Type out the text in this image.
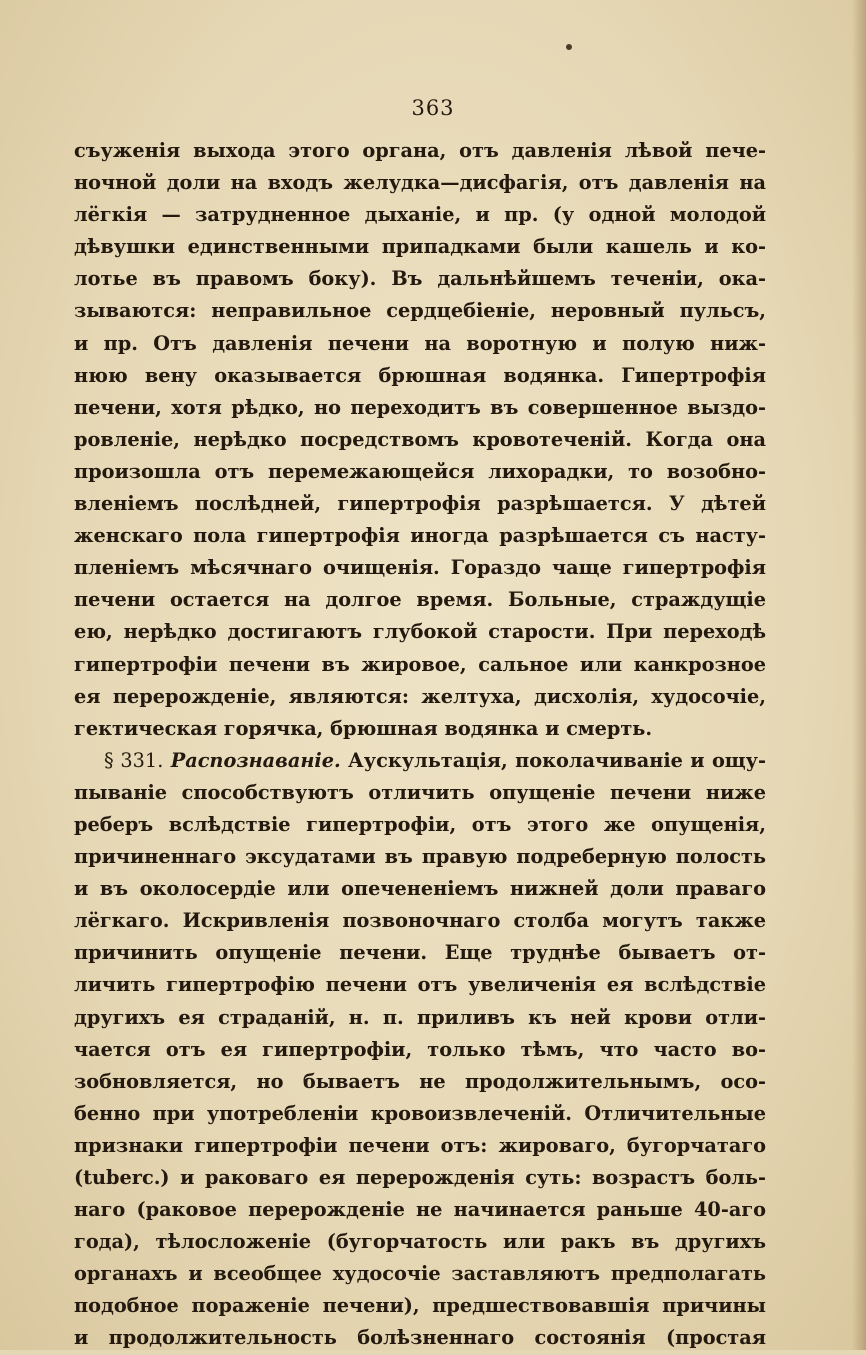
363
съуженія выхода этого органа, отъ давленія лѣвой пече-
ночной доли на входъ желудка—дисфагія, отъ давленія на
лёгкія — затрудненное дыханіе, и пр. (у одной молодой
дѣвушки единственными припадками были кашель и ко-
лотье въ правомъ боку). Въ дальнѣйшемъ теченіи, ока-
зываются: неправильное сердцебіеніе, неровный пульсъ,
и пр. Отъ давленія печени на воротную и полую ниж-
нюю вену оказывается брюшная водянка. Гипертрофія
печени, хотя рѣдко, но переходитъ въ совершенное выздо-
ровленіе, нерѣдко посредствомъ кровотеченій. Когда она
произошла отъ перемежающейся лихорадки, то возобно-
вленіемъ послѣдней, гипертрофія разрѣшается. У дѣтей
женскаго пола гипертрофія иногда разрѣшается съ насту-
пленіемъ мѣсячнаго очищенія. Гораздо чаще гипертрофія
печени остается на долгое время. Больные, страждущіе
ею, нерѣдко достигаютъ глубокой старости. При переходѣ
гипертрофіи печени въ жировое, сальное или канкрозное
ея перерожденіе, являются: желтуха, дисхолія, худосочіе,
гектическая горячка, брюшная водянка и смерть.
§ 331. Распознаваніе. Аускультація, поколачиваніе и ощу-
пываніе способствуютъ отличить опущеніе печени ниже
реберъ вслѣдствіе гипертрофіи, отъ этого же опущенія,
причиненнаго эксудатами въ правую подреберную полость
и въ околосердіе или опечененіемъ нижней доли праваго
лёгкаго. Искривленія позвоночнаго столба могутъ также
причинить опущеніе печени. Еще труднѣе бываетъ от-
личить гипертрофію печени отъ увеличенія ея вслѣдствіе
другихъ ея страданій, н. п. приливъ къ ней крови отли-
чается отъ ея гипертрофіи, только тѣмъ, что часто во-
зобновляется, но бываетъ не продолжительнымъ, осо-
бенно при употребленіи кровоизвлеченій. Отличительные
признаки гипертрофіи печени отъ: жироваго, бугорчатаго
(tuberc.) и раковаго ея перерожденія суть: возрастъ боль-
наго (раковое перерожденіе не начинается раньше 40-аго
года), тѣлосложеніе (бугорчатость или ракъ въ другихъ
органахъ и всеобщее худосочіе заставляютъ предполагать
подобное пораженіе печени), предшествовавшія причины
и продолжительность болѣзненнаго состоянія (простая
